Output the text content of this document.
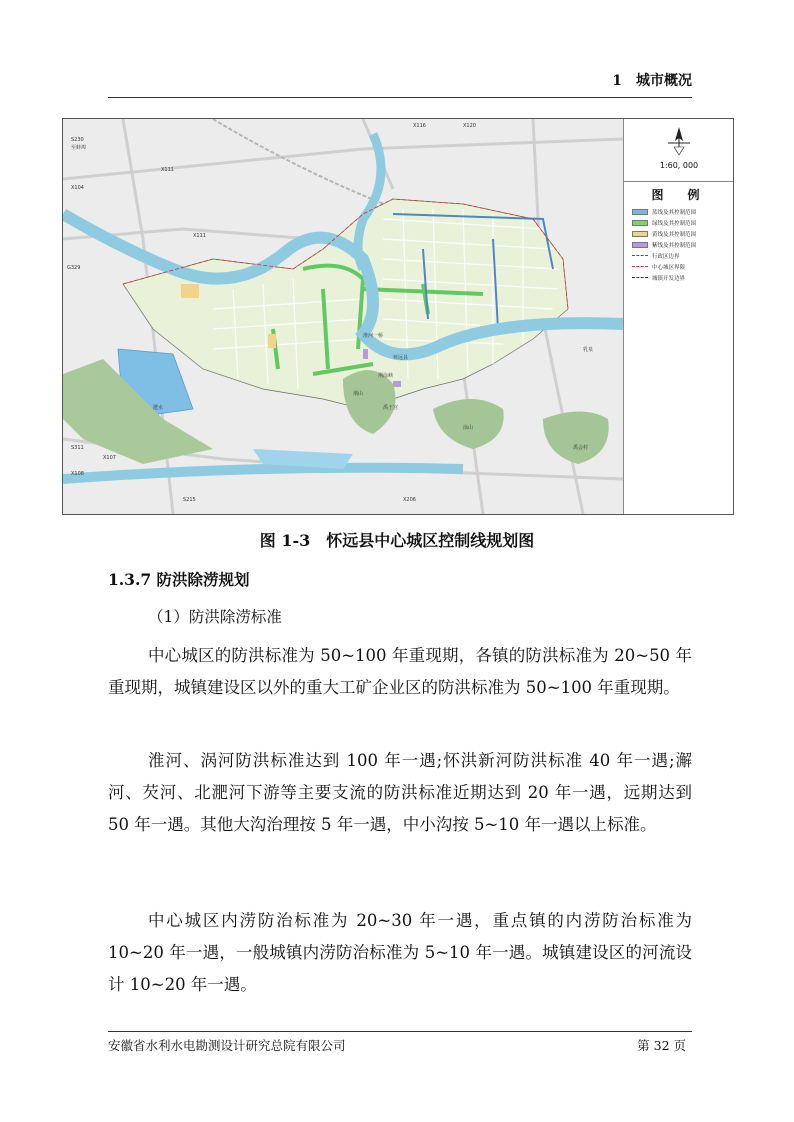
1　城市概况
S230
至蚌埠
X111
X111
X104
S311
X107
X108
G329
S215
X120
X116
X206
淮河一桥
荆山
涂山
禹王宫
禹会村
怀远县
荆涂峡
淝水
乳泉
1:60, 000
图　例
蓝线及其控制范围
绿线及其控制范围
黄线及其控制范围
紫线及其控制范围
行政区边界
中心城区界限
城镇开发边界
图 1-3　怀远县中心城区控制线规划图
1.3.7 防洪除涝规划
（1）防洪除涝标准
中心城区的防洪标准为 50~100 年重现期，各镇的防洪标准为 20~50 年重现期，城镇建设区以外的重大工矿企业区的防洪标准为 50~100 年重现期。
淮河、涡河防洪标准达到 100 年一遇;怀洪新河防洪标准 40 年一遇;澥河、芡河、北淝河下游等主要支流的防洪标准近期达到 20 年一遇，远期达到 50 年一遇。其他大沟治理按 5 年一遇，中小沟按 5~10 年一遇以上标准。
中心城区内涝防治标准为 20~30 年一遇，重点镇的内涝防治标准为 10~20 年一遇，一般城镇内涝防治标准为 5~10 年一遇。城镇建设区的河流设计 10~20 年一遇。
安徽省水利水电勘测设计研究总院有限公司	第 32 页
